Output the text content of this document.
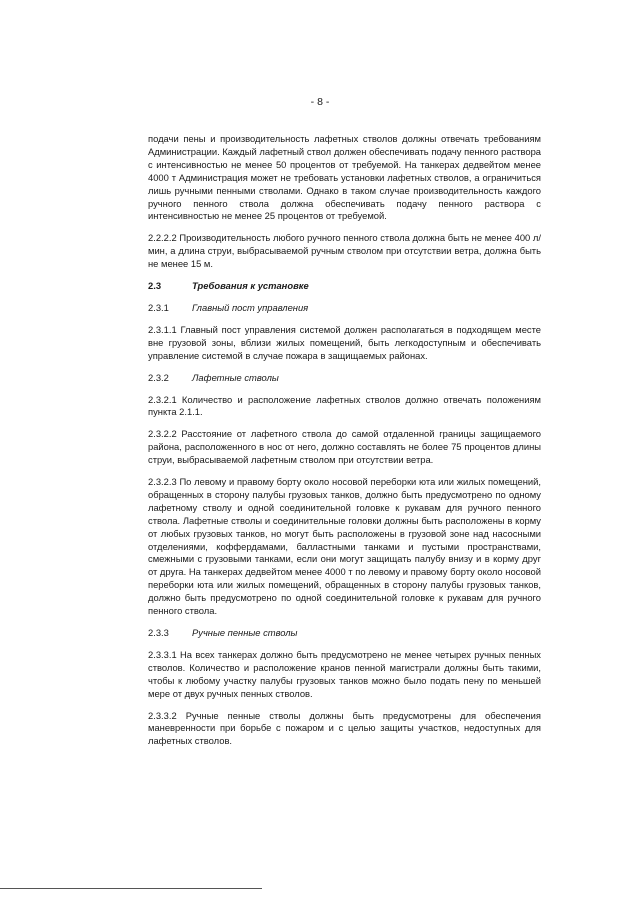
- 8 -

подачи пены и производительность лафетных стволов должны отвечать требованиям Администрации. Каждый лафетный ствол должен обеспечивать подачу пенного раствора с интенсивностью не менее 50 процентов от требуемой. На танкерах дедвейтом менее 4000 т Администрация может не требовать установки лафетных стволов, а ограничиться лишь ручными пенными стволами. Однако в таком случае производительность каждого ручного пенного ствола должна обеспечивать подачу пенного раствора с интенсивностью не менее 25 процентов от требуемой.

2.2.2.2 Производительность любого ручного пенного ствола должна быть не менее 400 л/мин, а длина струи, выбрасываемой ручным стволом при отсутствии ветра, должна быть не менее 15 м.

2.3	Требования к установке
2.3.1	Главный пост управления

2.3.1.1 Главный пост управления системой должен располагаться в подходящем месте вне грузовой зоны, вблизи жилых помещений, быть легкодоступным и обеспечивать управление системой в случае пожара в защищаемых районах.

2.3.2	Лафетные стволы

2.3.2.1 Количество и расположение лафетных стволов должно отвечать положениям пункта 2.1.1.

2.3.2.2 Расстояние от лафетного ствола до самой отдаленной границы защищаемого района, расположенного в нос от него, должно составлять не более 75 процентов длины струи, выбрасываемой лафетным стволом при отсутствии ветра.

2.3.2.3 По левому и правому борту около носовой переборки юта или жилых помещений, обращенных в сторону палубы грузовых танков, должно быть предусмотрено по одному лафетному стволу и одной соединительной головке к рукавам для ручного пенного ствола. Лафетные стволы и соединительные головки должны быть расположены в корму от любых грузовых танков, но могут быть расположены в грузовой зоне над насосными отделениями, коффердамами, балластными танками и пустыми пространствами, смежными с грузовыми танками, если они могут защищать палубу внизу и в корму друг от друга. На танкерах дедвейтом менее 4000 т по левому и правому борту около носовой переборки юта или жилых помещений, обращенных в сторону палубы грузовых танков, должно быть предусмотрено по одной соединительной головке к рукавам для ручного пенного ствола.

2.3.3	Ручные пенные стволы

2.3.3.1 На всех танкерах должно быть предусмотрено не менее четырех ручных пенных стволов. Количество и расположение кранов пенной магистрали должны быть такими, чтобы к любому участку палубы грузовых танков можно было подать пену по меньшей мере от двух ручных пенных стволов.

2.3.3.2 Ручные пенные стволы должны быть предусмотрены для обеспечения маневренности при борьбе с пожаром и с целью защиты участков, недоступных для лафетных стволов.
